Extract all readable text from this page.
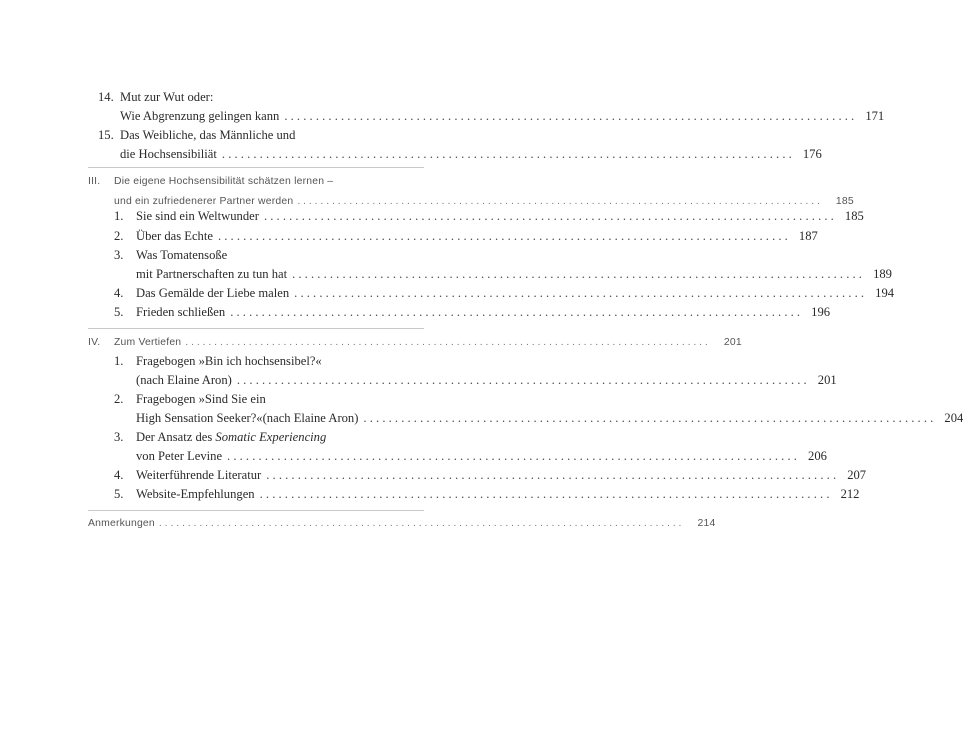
14. Mut zur Wut oder:
Wie Abgrenzung gelingen kann . . .	171
15. Das Weibliche, das Männliche und
die Hochsensibiliät . . .	176
III.	Die eigene Hochsensibilität schätzen lernen –
und ein zufriedenerer Partner werden . . .	185
1. Sie sind ein Weltwunder . . .	185
2. Über das Echte . . .	187
3. Was Tomatensoße
mit Partnerschaften zu tun hat . . .	189
4. Das Gemälde der Liebe malen . . .	194
5. Frieden schließen . . .	196
IV.	Zum Vertiefen . . .	201
1. Fragebogen »Bin ich hochsensibel?«
(nach Elaine Aron) . . .	201
2. Fragebogen »Sind Sie ein
High Sensation Seeker?«(nach Elaine Aron) . . .	204
3. Der Ansatz des Somatic Experiencing
von Peter Levine . . .	206
4. Weiterführende Literatur . . .	207
5. Website-Empfehlungen . . .	212
Anmerkungen . . .	214
